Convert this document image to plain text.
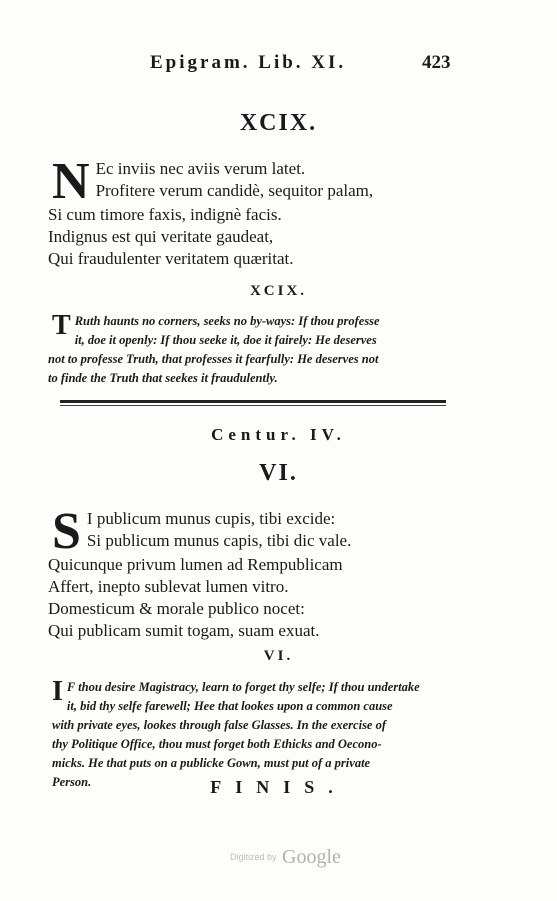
Epigram. Lib. XI.	423
XCIX.
N Ec inviis nec aviis verum latet.
Profitere verum candidè, sequitor palam,
Si cum timore faxis, indignè facis.
Indignus est qui veritate gaudeat,
Qui fraudulenter veritatem quæritat.
XCIX.
T Ruth haunts no corners, seeks no by-ways: If thou professe
it, doe it openly: If thou seeke it, doe it fairely: He deserves
not to professe Truth, that professes it fearfully: He deserves not
to finde the Truth that seekes it fraudulently.
Centur. IV.
VI.
S I publicum munus cupis, tibi excide:
Si publicum munus capis, tibi dic vale.
Quicunque privum lumen ad Rempublicam
Affert, inepto sublevat lumen vitro.
Domesticum & morale publico nocet:
Qui publicam sumit togam, suam exuat.
VI.
I F thou desire Magistracy, learn to forget thy selfe; If thou undertake
it, bid thy selfe farewell; Hee that lookes upon a common cause
with private eyes, lookes through false Glasses. In the exercise of
thy Politique Office, thou must forget both Ethicks and Oecono-
micks. He that puts on a publicke Gown, must put of a private
Person.	FINIS.
Digitized by Google
